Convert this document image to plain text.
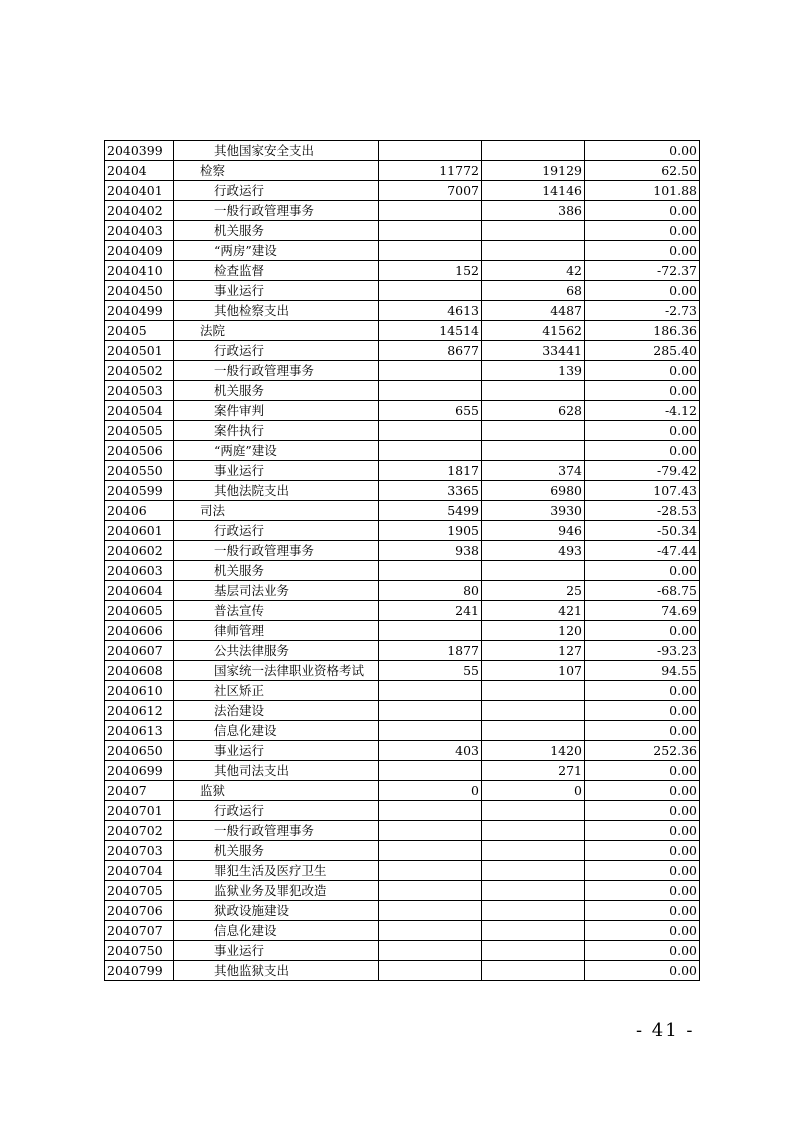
2040399	其他国家安全支出			0.00
20404	检察	11772	19129	62.50
2040401	行政运行	7007	14146	101.88
2040402	一般行政管理事务		386	0.00
2040403	机关服务			0.00
2040409	“两房”建设			0.00
2040410	检查监督	152	42	-72.37
2040450	事业运行		68	0.00
2040499	其他检察支出	4613	4487	-2.73
20405	法院	14514	41562	186.36
2040501	行政运行	8677	33441	285.40
2040502	一般行政管理事务		139	0.00
2040503	机关服务			0.00
2040504	案件审判	655	628	-4.12
2040505	案件执行			0.00
2040506	“两庭”建设			0.00
2040550	事业运行	1817	374	-79.42
2040599	其他法院支出	3365	6980	107.43
20406	司法	5499	3930	-28.53
2040601	行政运行	1905	946	-50.34
2040602	一般行政管理事务	938	493	-47.44
2040603	机关服务			0.00
2040604	基层司法业务	80	25	-68.75
2040605	普法宣传	241	421	74.69
2040606	律师管理		120	0.00
2040607	公共法律服务	1877	127	-93.23
2040608	国家统一法律职业资格考试	55	107	94.55
2040610	社区矫正			0.00
2040612	法治建设			0.00
2040613	信息化建设			0.00
2040650	事业运行	403	1420	252.36
2040699	其他司法支出		271	0.00
20407	监狱	0	0	0.00
2040701	行政运行			0.00
2040702	一般行政管理事务			0.00
2040703	机关服务			0.00
2040704	罪犯生活及医疗卫生			0.00
2040705	监狱业务及罪犯改造			0.00
2040706	狱政设施建设			0.00
2040707	信息化建设			0.00
2040750	事业运行			0.00
2040799	其他监狱支出			0.00
- 41 -
